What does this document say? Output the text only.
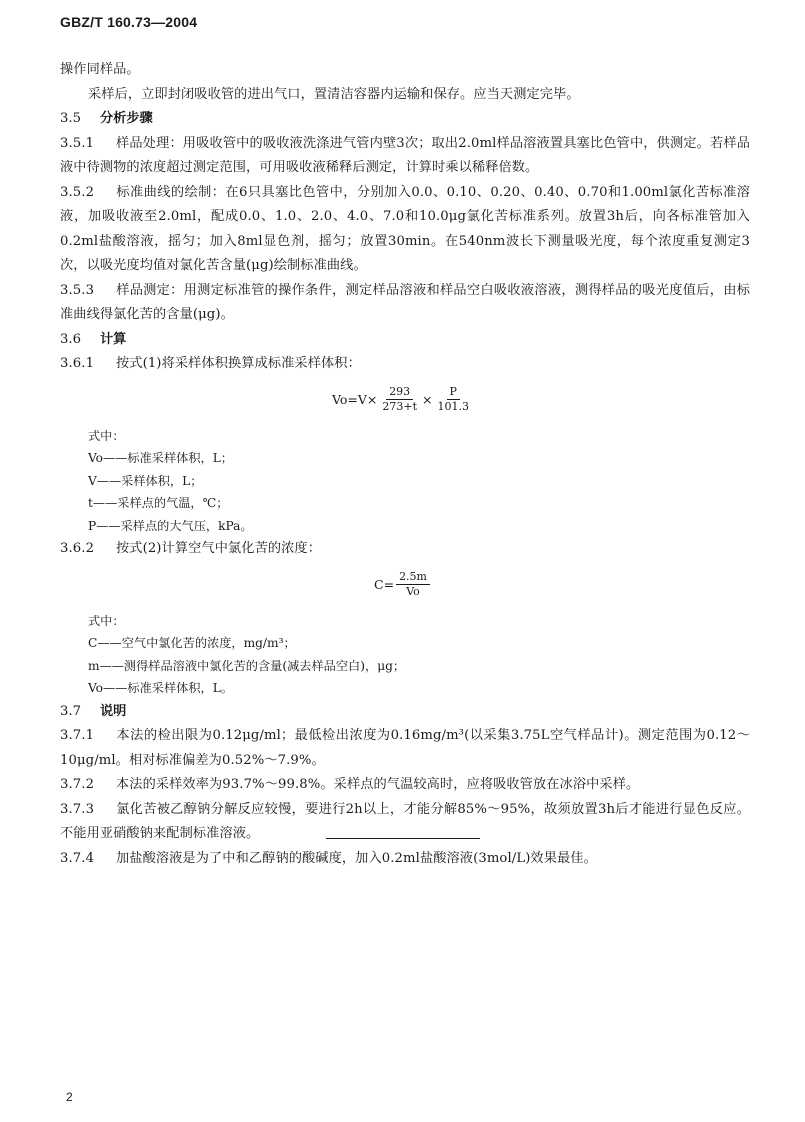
GBZ/T 160.73—2004

操作同样品。

采样后，立即封闭吸收管的进出气口，置清洁容器内运输和保存。应当天测定完毕。

3.5 分析步骤

3.5.1 样品处理：用吸收管中的吸收液洗涤进气管内壁3次；取出2.0ml样品溶液置具塞比色管中，供测定。若样品液中待测物的浓度超过测定范围，可用吸收液稀释后测定，计算时乘以稀释倍数。

3.5.2 标准曲线的绘制：在6只具塞比色管中，分别加入0.0、0.10、0.20、0.40、0.70和1.00ml氯化苦标准溶液，加吸收液至2.0ml，配成0.0、1.0、2.0、4.0、7.0和10.0μg氯化苦标准系列。放置3h后，向各标准管加入0.2ml盐酸溶液，摇匀；加入8ml显色剂，摇匀；放置30min。在540nm波长下测量吸光度，每个浓度重复测定3次，以吸光度均值对氯化苦含量(μg)绘制标准曲线。

3.5.3 样品测定：用测定标准管的操作条件，测定样品溶液和样品空白吸收液溶液，测得样品的吸光度值后，由标准曲线得氯化苦的含量(μg)。

3.6 计算

3.6.1 按式(1)将采样体积换算成标准采样体积：

$Vo=V\times \frac{293}{273+t} \times \frac{P}{101.3}$

式中：

Vo——标准采样体积，L；

V——采样体积，L；

t——采样点的气温，℃；

P——采样点的大气压，kPa。

3.6.2 按式(2)计算空气中氯化苦的浓度：

$C= \frac{2.5m}{Vo}$

式中：

C——空气中氯化苦的浓度，mg/m³；

m——测得样品溶液中氯化苦的含量(减去样品空白)，μg；

Vo——标准采样体积，L。

3.7 说明

3.7.1 本法的检出限为0.12μg/ml；最低检出浓度为0.16mg/m³(以采集3.75L空气样品计)。测定范围为0.12～10μg/ml。相对标准偏差为0.52%～7.9%。

3.7.2 本法的采样效率为93.7%～99.8%。采样点的气温较高时，应将吸收管放在冰浴中采样。

3.7.3 氯化苦被乙醇钠分解反应较慢，要进行2h以上，才能分解85%～95%，故须放置3h后才能进行显色反应。不能用亚硝酸钠来配制标准溶液。

3.7.4 加盐酸溶液是为了中和乙醇钠的酸碱度，加入0.2ml盐酸溶液(3mol/L)效果最佳。

2
